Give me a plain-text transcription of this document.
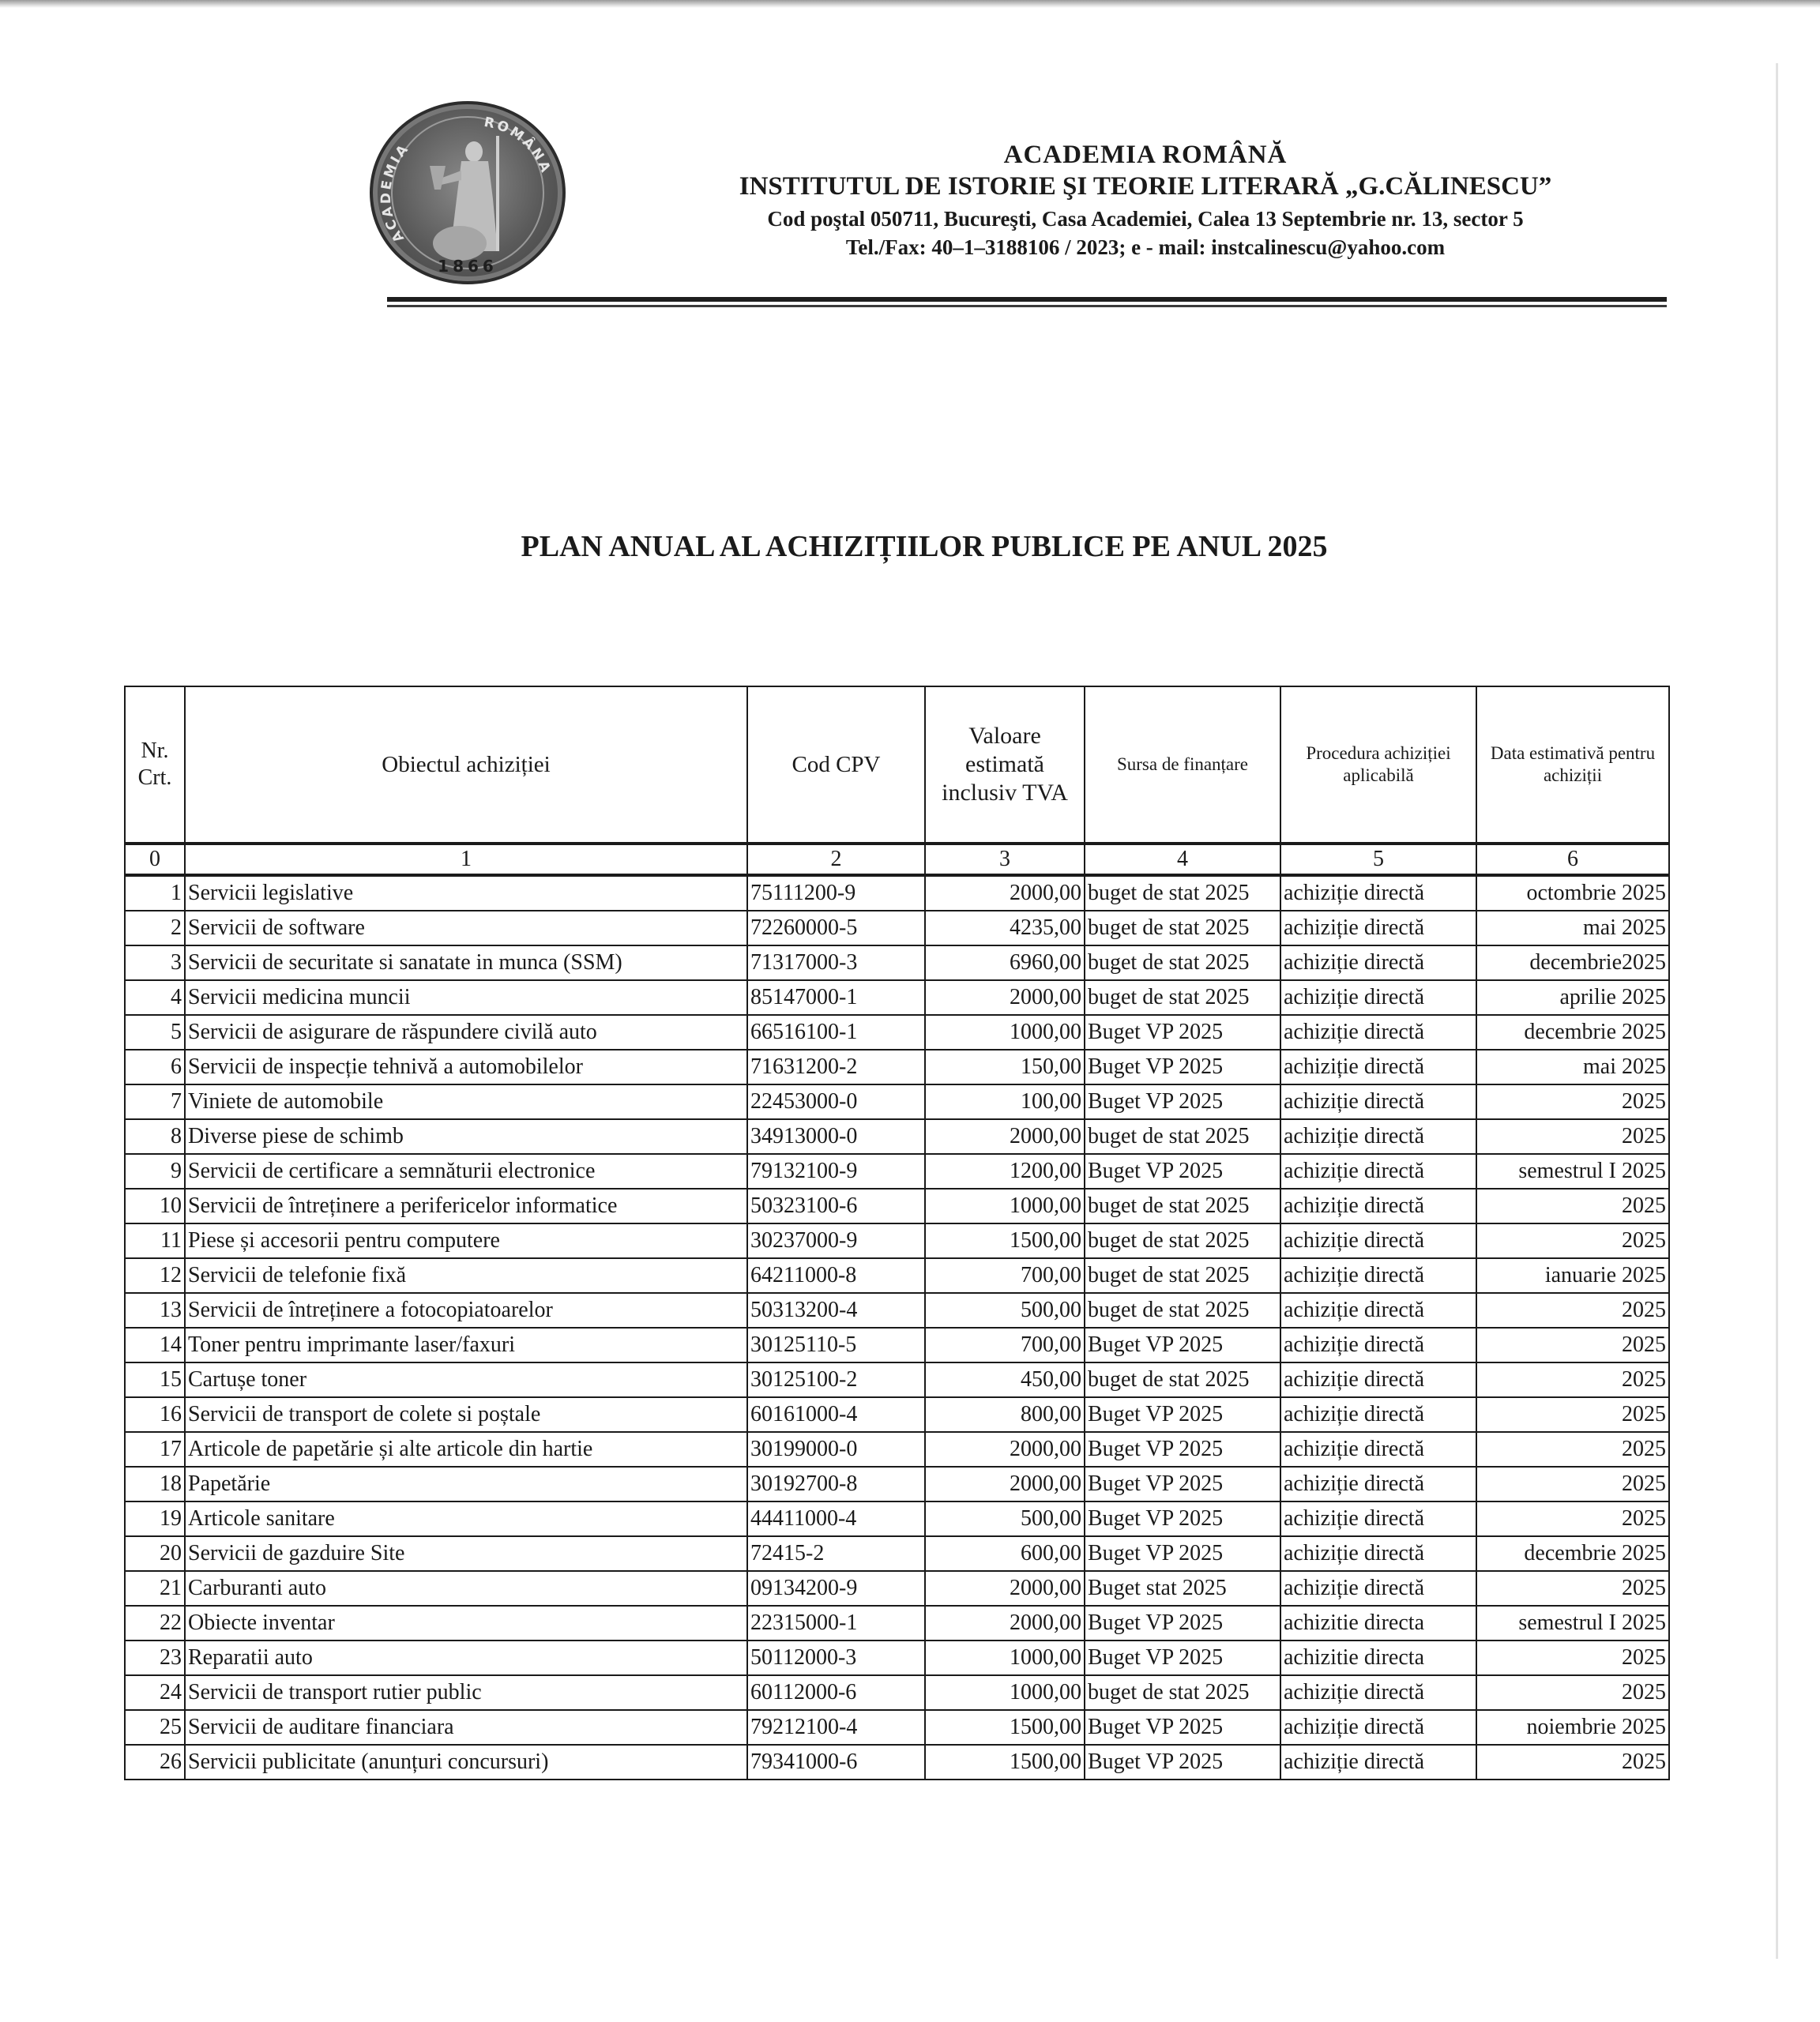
ACADEMIA
ROMÂNA
1866
ACADEMIA ROMÂNĂ
INSTITUTUL DE ISTORIE ŞI TEORIE LITERARĂ „G.CĂLINESCU”
Cod poştal 050711, Bucureşti, Casa Academiei, Calea 13 Septembrie nr. 13, sector 5
Tel./Fax: 40–1–3188106 / 2023; e - mail: instcalinescu@yahoo.com
PLAN ANUAL AL ACHIZIȚIILOR PUBLICE PE ANUL 2025
Nr. Crt.	Obiectul achiziției	Cod CPV	Valoare estimată inclusiv TVA	Sursa de finanțare	Procedura achiziției aplicabilă	Data estimativă pentru achiziții
0	1	2	3	4	5	6
1	Servicii legislative	75111200-9	2000,00	buget de stat 2025	achiziție directă	octombrie 2025
2	Servicii de software	72260000-5	4235,00	buget de stat 2025	achiziție directă	mai 2025
3	Servicii de securitate si sanatate in munca (SSM)	71317000-3	6960,00	buget de stat 2025	achiziție directă	decembrie2025
4	Servicii medicina muncii	85147000-1	2000,00	buget de stat 2025	achiziție directă	aprilie 2025
5	Servicii de asigurare de răspundere civilă auto	66516100-1	1000,00	Buget VP 2025	achiziție directă	decembrie 2025
6	Servicii de inspecție tehnivă a automobilelor	71631200-2	150,00	Buget VP 2025	achiziție directă	mai 2025
7	Viniete de automobile	22453000-0	100,00	Buget VP 2025	achiziție directă	2025
8	Diverse piese de schimb	34913000-0	2000,00	buget de stat 2025	achiziție directă	2025
9	Servicii de certificare a semnăturii electronice	79132100-9	1200,00	Buget VP 2025	achiziție directă	semestrul I 2025
10	Servicii de întreținere a perifericelor informatice	50323100-6	1000,00	buget de stat 2025	achiziție directă	2025
11	Piese și accesorii pentru computere	30237000-9	1500,00	buget de stat 2025	achiziție directă	2025
12	Servicii de telefonie fixă	64211000-8	700,00	buget de stat 2025	achiziție directă	ianuarie 2025
13	Servicii de întreținere a fotocopiatoarelor	50313200-4	500,00	buget de stat 2025	achiziție directă	2025
14	Toner pentru imprimante laser/faxuri	30125110-5	700,00	Buget VP 2025	achiziție directă	2025
15	Cartușe toner	30125100-2	450,00	buget de stat 2025	achiziție directă	2025
16	Servicii de transport de colete si poștale	60161000-4	800,00	Buget VP 2025	achiziție directă	2025
17	Articole de papetărie și alte articole din hartie	30199000-0	2000,00	Buget VP 2025	achiziție directă	2025
18	Papetărie	30192700-8	2000,00	Buget VP 2025	achiziție directă	2025
19	Articole sanitare	44411000-4	500,00	Buget VP 2025	achiziție directă	2025
20	Servicii de gazduire Site	72415-2	600,00	Buget VP 2025	achiziție directă	decembrie 2025
21	Carburanti auto	09134200-9	2000,00	Buget stat 2025	achiziție directă	2025
22	Obiecte inventar	22315000-1	2000,00	Buget VP 2025	achizitie directa	semestrul I 2025
23	Reparatii auto	50112000-3	1000,00	Buget VP 2025	achizitie directa	2025
24	Servicii de transport rutier public	60112000-6	1000,00	buget de stat 2025	achiziție directă	2025
25	Servicii de auditare financiara	79212100-4	1500,00	Buget VP 2025	achiziție directă	noiembrie 2025
26	Servicii publicitate (anunțuri concursuri)	79341000-6	1500,00	Buget VP 2025	achiziție directă	2025
